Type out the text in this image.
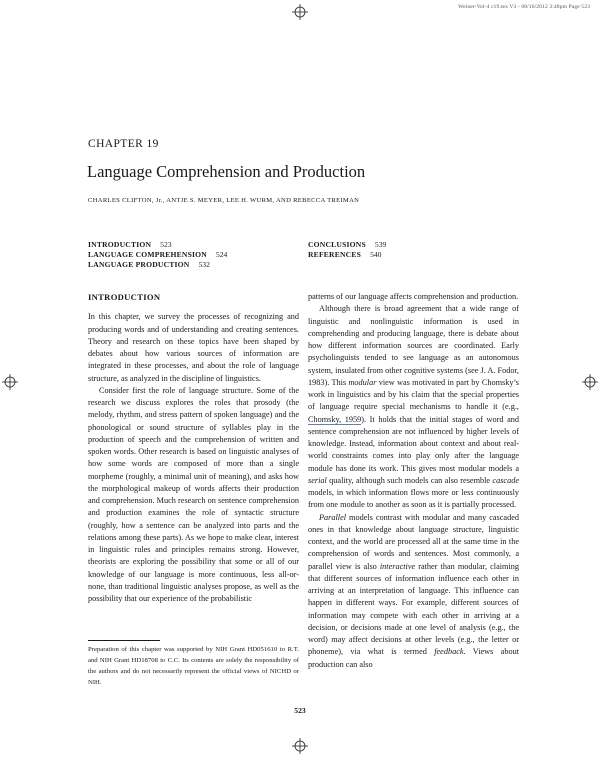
Weiner-Vol-4 c19.tex V3 - 08/16/2012 3:48pm Page 523
CHAPTER 19
Language Comprehension and Production
CHARLES CLIFTON, Jr., ANTJE S. MEYER, LEE H. WURM, AND REBECCA TREIMAN
INTRODUCTION 523
LANGUAGE COMPREHENSION 524
LANGUAGE PRODUCTION 532
CONCLUSIONS 539
REFERENCES 540
INTRODUCTION

In this chapter, we survey the processes of recognizing and producing words and of understanding and creating sentences. Theory and research on these topics have been shaped by debates about how various sources of information are integrated in these processes, and about the role of language structure, as analyzed in the discipline of linguistics.

Consider first the role of language structure. Some of the research we discuss explores the roles that prosody (the melody, rhythm, and stress pattern of spoken language) and the phonological or sound structure of syllables play in the production of speech and the comprehension of written and spoken words. Other research is based on linguistic analyses of how some words are composed of more than a single morpheme (roughly, a minimal unit of meaning), and asks how the morphological makeup of words affects their production and comprehension. Much research on sentence comprehension and production examines the role of syntactic structure (roughly, how a sentence can be analyzed into parts and the relations among these parts). As we hope to make clear, interest in linguistic rules and principles remains strong. However, theorists are exploring the possibility that some or all of our knowledge of our language is more continuous, less all-or-none, than traditional linguistic analyses propose, as well as the possibility that our experience of the probabilistic

patterns of our language affects comprehension and production.

Although there is broad agreement that a wide range of linguistic and nonlinguistic information is used in comprehending and producing language, there is debate about how different information sources are coordinated. Early psycholinguists tended to see language as an autonomous system, insulated from other cognitive systems (see J. A. Fodor, 1983). This modular view was motivated in part by Chomsky’s work in linguistics and by his claim that the special properties of language require special mechanisms to handle it (e.g., Chomsky, 1959). It holds that the initial stages of word and sentence comprehension are not influenced by higher levels of knowledge. Instead, information about context and about real-world constraints comes into play only after the language module has done its work. This gives most modular models a serial quality, although such models can also resemble cascade models, in which information flows more or less continuously from one module to another as soon as it is partially processed.

Parallel models contrast with modular and many cascaded ones in that knowledge about language structure, linguistic context, and the world are processed all at the same time in the comprehension of words and sentences. Most commonly, a parallel view is also interactive rather than modular, claiming that different sources of information influence each other in arriving at an interpretation of language. This influence can happen in different ways. For example, different sources of information may compete with each other in arriving at a decision, or decisions made at one level of analysis (e.g., the word) may affect decisions at other levels (e.g., the letter or phoneme), via what is termed feedback. Views about production can also

Preparation of this chapter was supported by NIH Grant HD051610 to R.T. and NIH Grant HD18708 to C.C. Its contents are solely the responsibility of the authors and do not necessarily represent the official views of NICHD or NIH.

523
